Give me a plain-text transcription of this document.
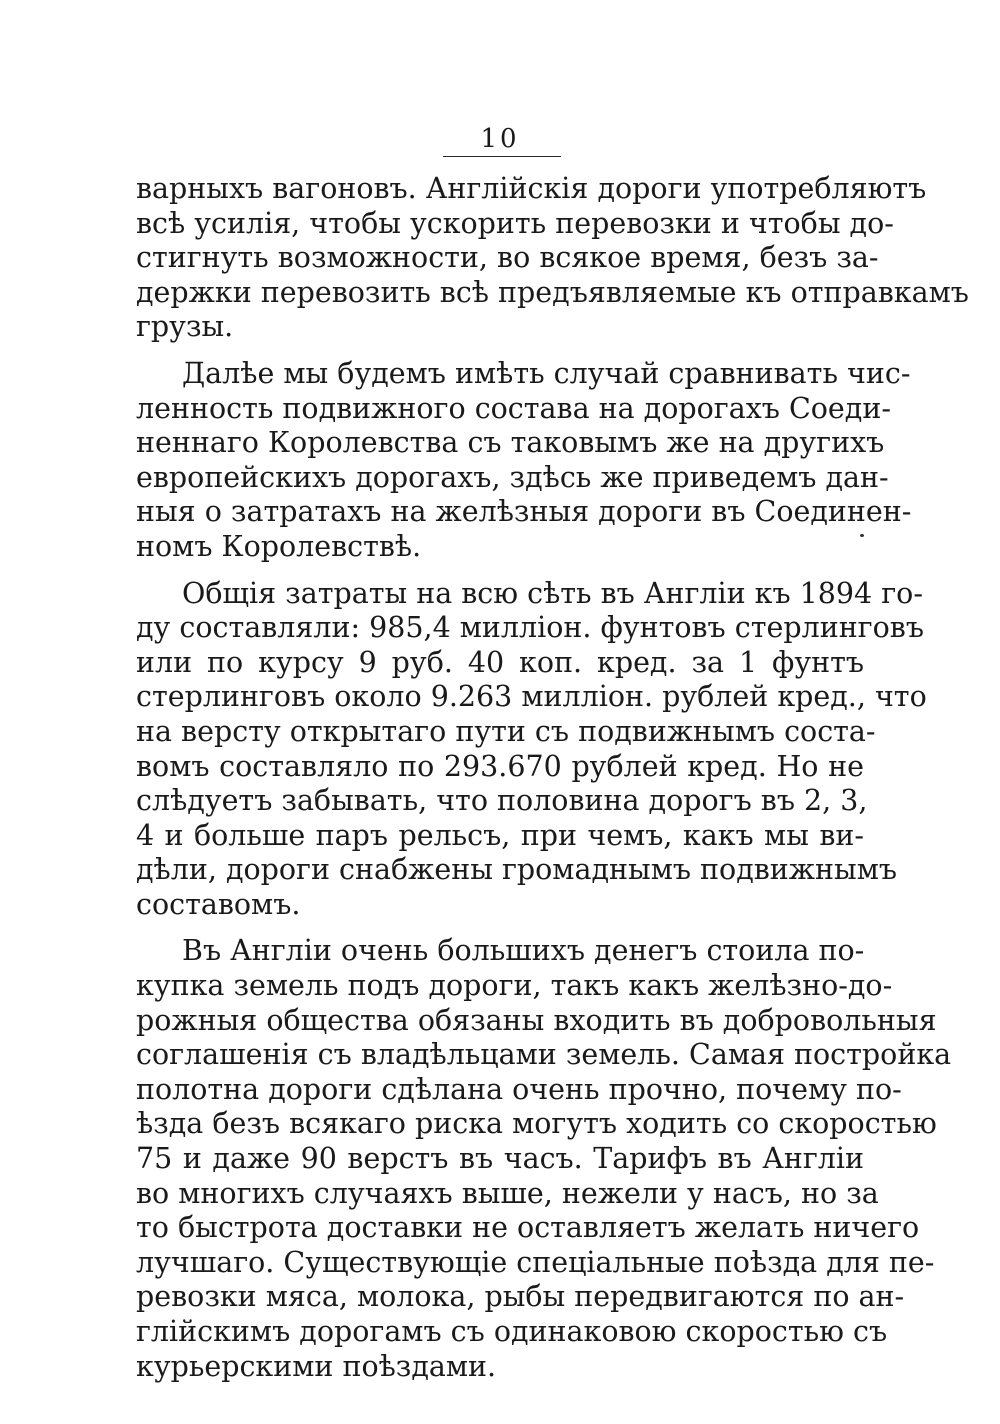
10
варныхъ вагоновъ. Англійскія дороги употребляютъ
всѣ усилія, чтобы ускорить перевозки и чтобы до-
стигнуть возможности, во всякое время, безъ за-
держки перевозить всѣ предъявляемые къ отправкамъ
грузы.
Далѣе мы будемъ имѣть случай сравнивать чис-
ленность подвижного состава на дорогахъ Соеди-
неннаго Королевства съ таковымъ же на другихъ
европейскихъ дорогахъ, здѣсь же приведемъ дан-
ныя о затратахъ на желѣзныя дороги въ Соединен-
номъ Королевствѣ.
Общія затраты на всю сѣть въ Англіи къ 1894 го-
ду составляли: 985,4 милліон. фунтовъ стерлинговъ
или по курсу 9 руб. 40 коп. кред. за 1 фунтъ
стерлинговъ около 9.263 милліон. рублей кред., что
на версту открытаго пути съ подвижнымъ соста-
вомъ составляло по 293.670 рублей кред. Но не
слѣдуетъ забывать, что половина дорогъ въ 2, 3,
4 и больше паръ рельсъ, при чемъ, какъ мы ви-
дѣли, дороги снабжены громаднымъ подвижнымъ
составомъ.
Въ Англіи очень большихъ денегъ стоила по-
купка земель подъ дороги, такъ какъ желѣзно-до-
рожныя общества обязаны входить въ добровольныя
соглашенія съ владѣльцами земель. Самая постройка
полотна дороги сдѣлана очень прочно, почему по-
ѣзда безъ всякаго риска могутъ ходить со скоростью
75 и даже 90 верстъ въ часъ. Тарифъ въ Англіи
во многихъ случаяхъ выше, нежели у насъ, но за
то быстрота доставки не оставляетъ желать ничего
лучшаго. Существующіе спеціальные поѣзда для пе-
ревозки мяса, молока, рыбы передвигаются по ан-
глійскимъ дорогамъ съ одинаковою скоростью съ
курьерскими поѣздами.
